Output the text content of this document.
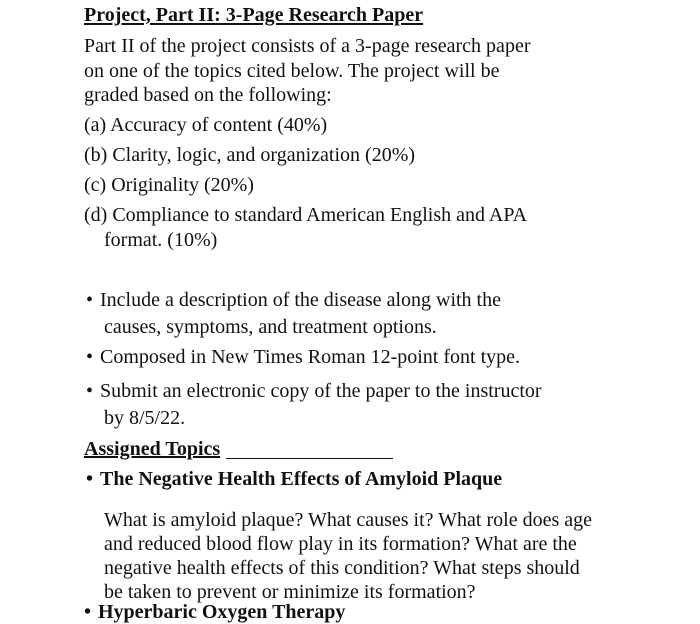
Project, Part II: 3-Page Research Paper
Part II of the project consists of a 3-page research paper
on one of the topics cited below. The project will be
graded based on the following:
(a) Accuracy of content (40%)
(b) Clarity, logic, and organization (20%)
(c) Originality (20%)
(d) Compliance to standard American English and APA
format. (10%)
• Include a description of the disease along with the
causes, symptoms, and treatment options.
• Composed in New Times Roman 12-point font type.
• Submit an electronic copy of the paper to the instructor
by 8/5/22.
Assigned Topics
• The Negative Health Effects of Amyloid Plaque
What is amyloid plaque? What causes it? What role does age
and reduced blood flow play in its formation? What are the
negative health effects of this condition? What steps should
be taken to prevent or minimize its formation?
• Hyperbaric Oxygen Therapy
